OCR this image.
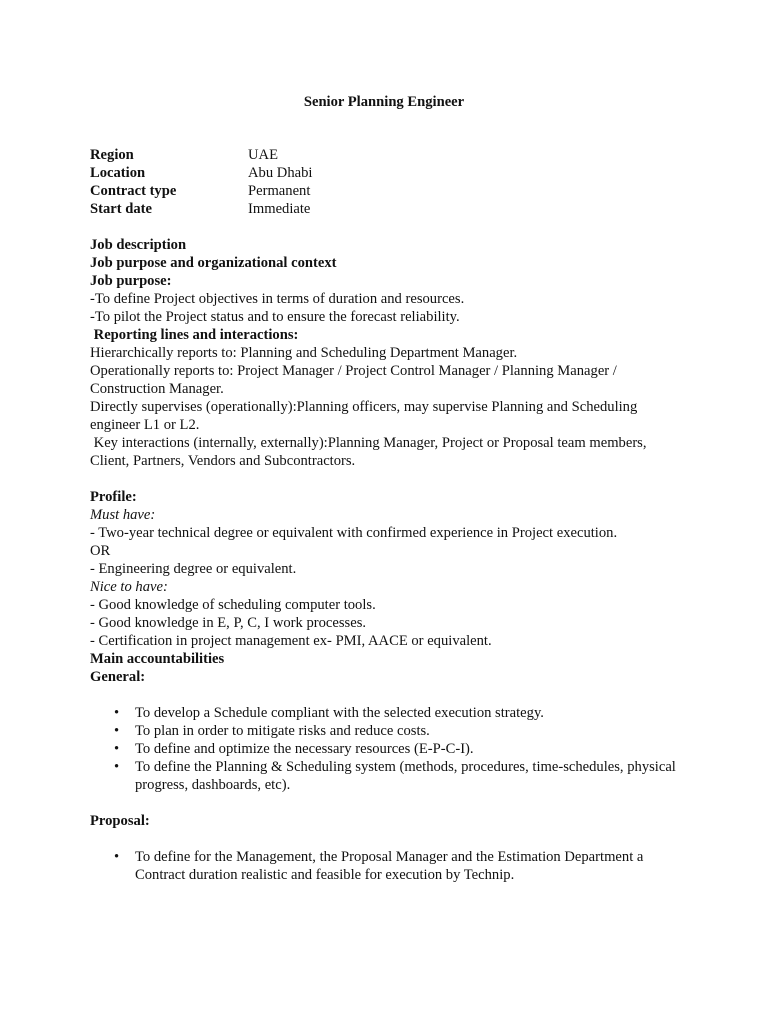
Senior Planning Engineer
Region	UAE
Location	Abu Dhabi
Contract type	Permanent
Start date	Immediate
Job description
Job purpose and organizational context
Job purpose:
-To define Project objectives in terms of duration and resources.
-To pilot the Project status and to ensure the forecast reliability.
Reporting lines and interactions:
Hierarchically reports to: Planning and Scheduling Department Manager.
Operationally reports to: Project Manager / Project Control Manager / Planning Manager /
Construction Manager.
Directly supervises (operationally):Planning officers, may supervise Planning and Scheduling
engineer L1 or L2.
Key interactions (internally, externally):Planning Manager, Project or Proposal team members,
Client, Partners, Vendors and Subcontractors.
Profile:
Must have:
- Two-year technical degree or equivalent with confirmed experience in Project execution.
OR
- Engineering degree or equivalent.
Nice to have:
- Good knowledge of scheduling computer tools.
- Good knowledge in E, P, C, I work processes.
- Certification in project management ex- PMI, AACE or equivalent.
Main accountabilities
General:
• To develop a Schedule compliant with the selected execution strategy.
• To plan in order to mitigate risks and reduce costs.
• To define and optimize the necessary resources (E-P-C-I).
• To define the Planning & Scheduling system (methods, procedures, time-schedules, physical
progress, dashboards, etc).
Proposal:
• To define for the Management, the Proposal Manager and the Estimation Department a
Contract duration realistic and feasible for execution by Technip.
